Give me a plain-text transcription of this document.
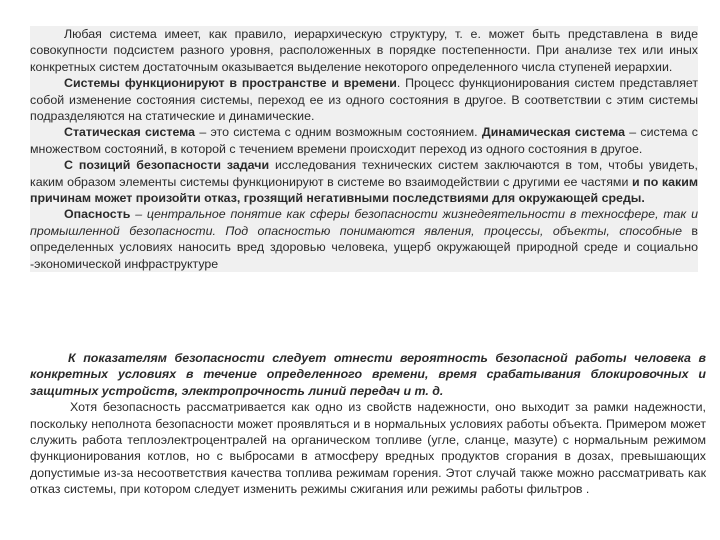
Любая система имеет, как правило, иерархическую структуру, т. е. может быть представлена в виде совокупности подсистем разного уровня, расположенных в порядке постепенности. При анализе тех или иных конкретных систем достаточным оказывается выделение некоторого определенного числа ступеней иерархии.

Системы функционируют в пространстве и времени. Процесс функционирования систем представляет собой изменение состояния системы, переход ее из одного состояния в другое. В соответствии с этим системы подразделяются на статические и динамические.

Статическая система – это система с одним возможным состоянием. Динамическая система – система с множеством состояний, в которой с течением времени происходит переход из одного состояния в другое.

С позиций безопасности задачи исследования технических систем заключаются в том, чтобы увидеть, каким образом элементы системы функционируют в системе во взаимодействии с другими ее частями и по каким причинам может произойти отказ, грозящий негативными последствиями для окружающей среды.

Опасность – центральное понятие как сферы безопасности жизнедеятельности в техносфере, так и промышленной безопасности. Под опасностью понимаются явления, процессы, объекты, способные в определенных условиях наносить вред здоровью человека, ущерб окружающей природной среде и социально -экономической инфраструктуре

К показателям безопасности следует отнести вероятность безопасной работы человека в конкретных условиях в течение определенного времени, время срабатывания блокировочных и защитных устройств, электропрочность линий передач и т. д.

Хотя безопасность рассматривается как одно из свойств надежности, оно выходит за рамки надежности, поскольку неполнота безопасности может проявляться и в нормальных условиях работы объекта. Примером может служить работа теплоэлектроцентралей на органическом топливе (угле, сланце, мазуте) с нормальным режимом функционирования котлов, но с выбросами в атмосферу вредных продуктов сгорания в дозах, превышающих допустимые из-за несоответствия качества топлива режимам горения. Этот случай также можно рассматривать как отказ системы, при котором следует изменить режимы сжигания или режимы работы фильтров .
